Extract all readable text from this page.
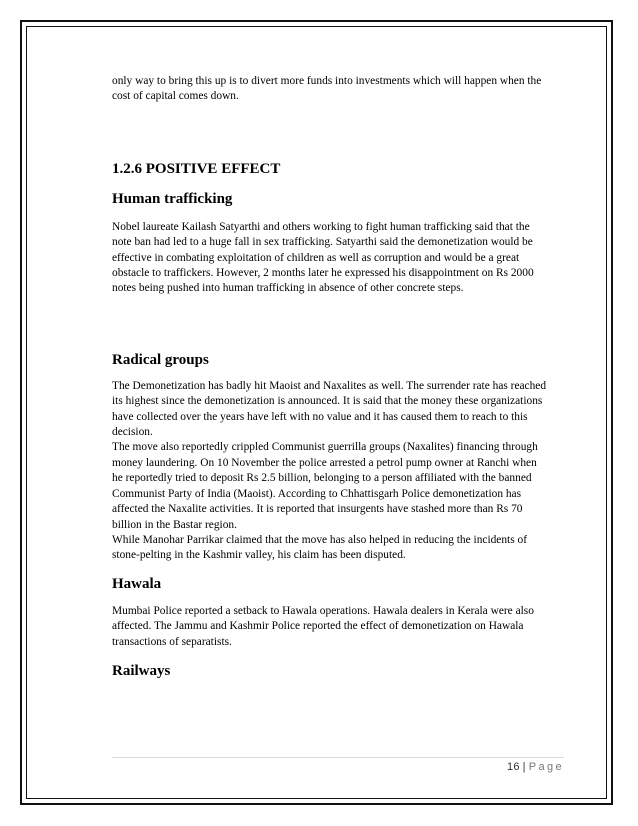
only way to bring this up is to divert more funds into investments which will happen when the cost of capital comes down.

1.2.6 POSITIVE EFFECT
Human trafficking

Nobel laureate Kailash Satyarthi and others working to fight human trafficking said that the note ban had led to a huge fall in sex trafficking. Satyarthi said the demonetization would be effective in combating exploitation of children as well as corruption and would be a great obstacle to traffickers. However, 2 months later he expressed his disappointment on Rs 2000 notes being pushed into human trafficking in absence of other concrete steps.

Radical groups

The Demonetization has badly hit Maoist and Naxalites as well. The surrender rate has reached its highest since the demonetization is announced. It is said that the money these organizations have collected over the years have left with no value and it has caused them to reach to this decision.

The move also reportedly crippled Communist guerrilla groups (Naxalites) financing through money laundering. On 10 November the police arrested a petrol pump owner at Ranchi when he reportedly tried to deposit Rs 2.5 billion, belonging to a person affiliated with the banned Communist Party of India (Maoist). According to Chhattisgarh Police demonetization has affected the Naxalite activities. It is reported that insurgents have stashed more than Rs 70 billion in the Bastar region.

While Manohar Parrikar claimed that the move has also helped in reducing the incidents of stone-pelting in the Kashmir valley, his claim has been disputed.

Hawala

Mumbai Police reported a setback to Hawala operations. Hawala dealers in Kerala were also affected. The Jammu and Kashmir Police reported the effect of demonetization on Hawala transactions of separatists.

Railways
16 | Page
